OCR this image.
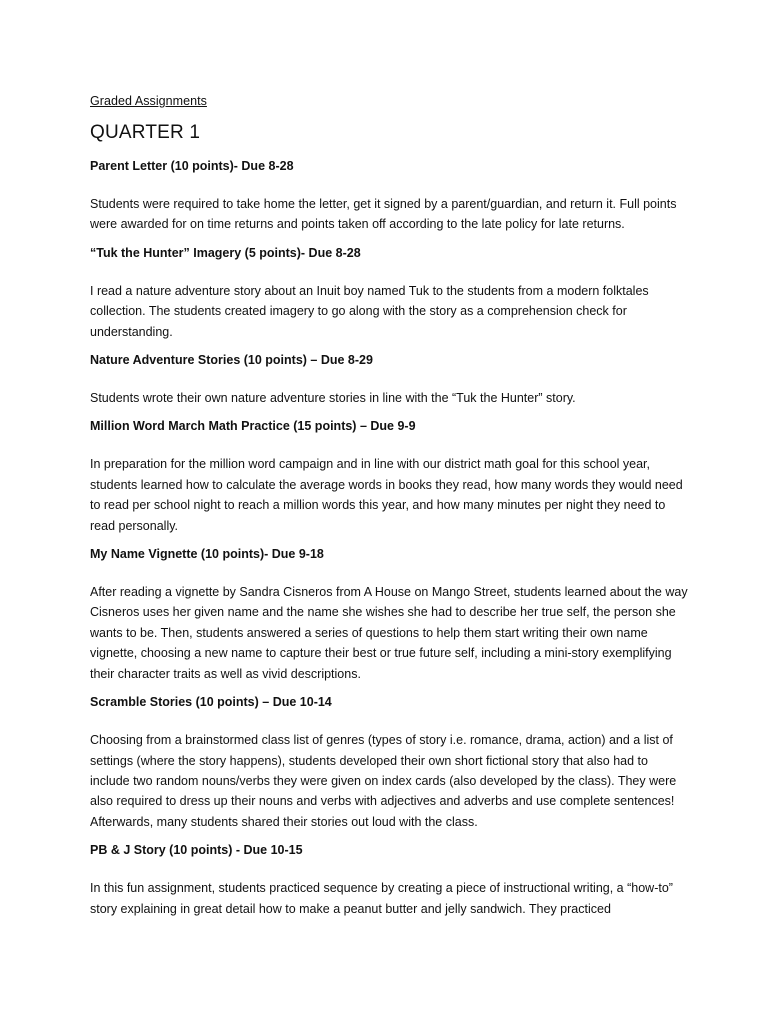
Graded Assignments
QUARTER 1
Parent Letter (10 points)- Due 8-28
Students were required to take home the letter, get it signed by a parent/guardian, and return it. Full points were awarded for on time returns and points taken off according to the late policy for late returns.
“Tuk the Hunter” Imagery (5 points)- Due 8-28
I read a nature adventure story about an Inuit boy named Tuk to the students from a modern folktales collection. The students created imagery to go along with the story as a comprehension check for understanding.
Nature Adventure Stories (10 points) – Due 8-29
Students wrote their own nature adventure stories in line with the “Tuk the Hunter” story.
Million Word March Math Practice (15 points) – Due 9-9
In preparation for the million word campaign and in line with our district math goal for this school year, students learned how to calculate the average words in books they read, how many words they would need to read per school night to reach a million words this year, and how many minutes per night they need to read personally.
My Name Vignette (10 points)- Due 9-18
After reading a vignette by Sandra Cisneros from A House on Mango Street, students learned about the way Cisneros uses her given name and the name she wishes she had to describe her true self, the person she wants to be. Then, students answered a series of questions to help them start writing their own name vignette, choosing a new name to capture their best or true future self, including a mini-story exemplifying their character traits as well as vivid descriptions.
Scramble Stories (10 points) – Due 10-14
Choosing from a brainstormed class list of genres (types of story i.e. romance, drama, action) and a list of settings (where the story happens), students developed their own short fictional story that also had to include two random nouns/verbs they were given on index cards (also developed by the class). They were also required to dress up their nouns and verbs with adjectives and adverbs and use complete sentences! Afterwards, many students shared their stories out loud with the class.
PB & J Story (10 points) - Due 10-15
In this fun assignment, students practiced sequence by creating a piece of instructional writing, a “how-to” story explaining in great detail how to make a peanut butter and jelly sandwich. They practiced
